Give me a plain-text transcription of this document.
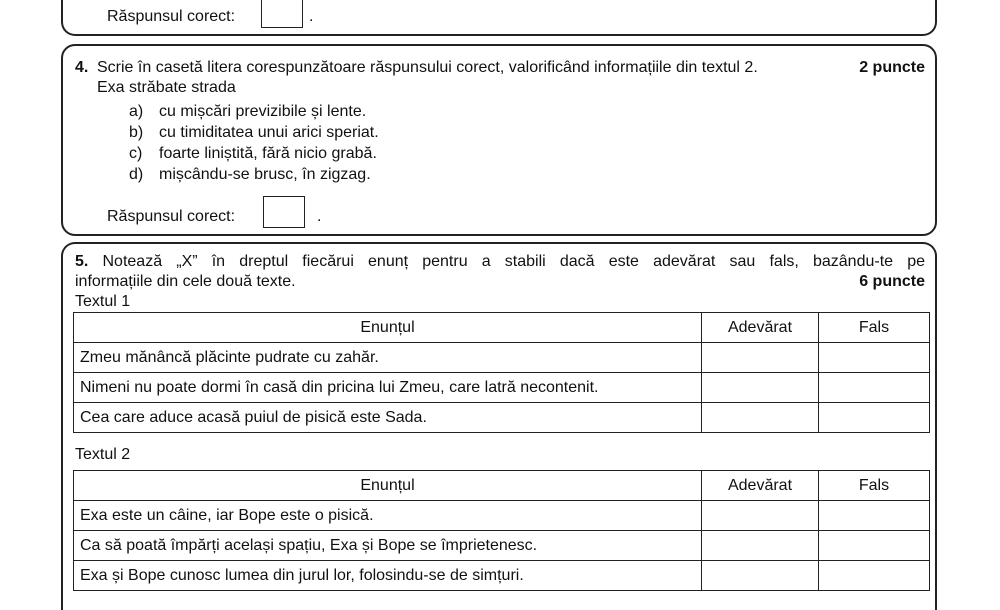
Răspunsul corect:	.
4. Scrie în casetă litera corespunzătoare răspunsului corect, valorificând informațiile din textul 2.	2 puncte
Exa străbate strada
a) cu mișcări previzibile și lente.
b) cu timiditatea unui arici speriat.
c) foarte liniștită, fără nicio grabă.
d) mișcându-se brusc, în zigzag.
Răspunsul corect:	.
5. Notează „X” în dreptul fiecărui enunț pentru a stabili dacă este adevărat sau fals, bazându-te pe
informațiile din cele două texte.	6 puncte
Textul 1
Enunțul	Adevărat	Fals
Zmeu mănâncă plăcinte pudrate cu zahăr.		
Nimeni nu poate dormi în casă din pricina lui Zmeu, care latră necontenit.		
Cea care aduce acasă puiul de pisică este Sada.		
Textul 2
Enunțul	Adevărat	Fals
Exa este un câine, iar Bope este o pisică.		
Ca să poată împărți același spațiu, Exa și Bope se împrietenesc.		
Exa și Bope cunosc lumea din jurul lor, folosindu-se de simțuri.		
